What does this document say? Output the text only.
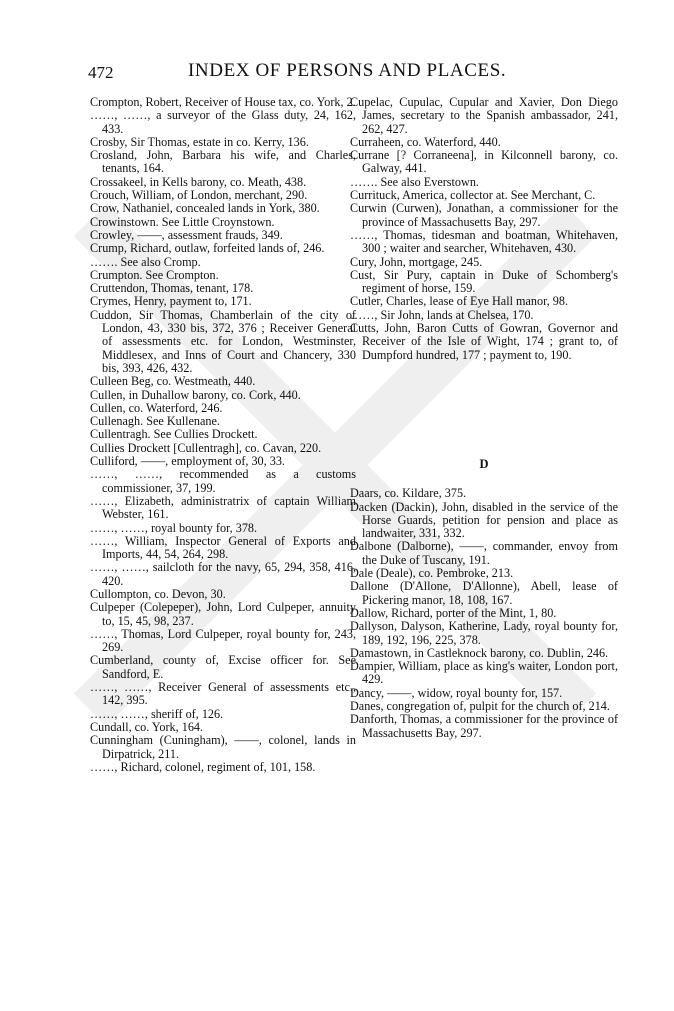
472	INDEX OF PERSONS AND PLACES.

Crompton, Robert, Receiver of House tax, co. York, 2.

……, ……, a surveyor of the Glass duty, 24, 162, 433.

Crosby, Sir Thomas, estate in co. Kerry, 136.

Crosland, John, Barbara his wife, and Charles, tenants, 164.

Crossakeel, in Kells barony, co. Meath, 438.

Crouch, William, of London, merchant, 290.

Crow, Nathaniel, concealed lands in York, 380.

Crowinstown. See Little Croynstown.

Crowley, ——, assessment frauds, 349.

Crump, Richard, outlaw, forfeited lands of, 246.

……. See also Cromp.

Crumpton. See Crompton.

Cruttendon, Thomas, tenant, 178.

Crymes, Henry, payment to, 171.

Cuddon, Sir Thomas, Chamberlain of the city of London, 43, 330 bis, 372, 376 ; Receiver General of assessments etc. for London, Westminster, Middlesex, and Inns of Court and Chancery, 330 bis, 393, 426, 432.

Culleen Beg, co. Westmeath, 440.

Cullen, in Duhallow barony, co. Cork, 440.

Cullen, co. Waterford, 246.

Cullenagh. See Kullenane.

Cullentragh. See Cullies Drockett.

Cullies Drockett [Cullentragh], co. Cavan, 220.

Culliford, ——, employment of, 30, 33.

……, ……, recommended as a customs commissioner, 37, 199.

……, Elizabeth, administratrix of captain William Webster, 161.

……, ……, royal bounty for, 378.

……, William, Inspector General of Exports and Imports, 44, 54, 264, 298.

……, ……, sailcloth for the navy, 65, 294, 358, 416, 420.

Cullompton, co. Devon, 30.

Culpeper (Colepeper), John, Lord Culpeper, annuity to, 15, 45, 98, 237.

……, Thomas, Lord Culpeper, royal bounty for, 243, 269.

Cumberland, county of, Excise officer for. See Sandford, E.

……, ……, Receiver General of assessments etc., 142, 395.

……, ……, sheriff of, 126.

Cundall, co. York, 164.

Cunningham (Cuningham), ——, colonel, lands in Dirpatrick, 211.

……, Richard, colonel, regiment of, 101, 158.

Cupelac, Cupulac, Cupular and Xavier, Don Diego James, secretary to the Spanish ambassador, 241, 262, 427.

Curraheen, co. Waterford, 440.

Curranе [? Corraneena], in Kilconnell barony, co. Galway, 441.

……. See also Everstown.

Currituck, America, collector at. See Merchant, C.

Curwin (Curwen), Jonathan, a commissioner for the province of Massachusetts Bay, 297.

……, Thomas, tidesman and boatman, Whitehaven, 300 ; waiter and searcher, Whitehaven, 430.

Cury, John, mortgage, 245.

Cust, Sir Pury, captain in Duke of Schomberg's regiment of horse, 159.

Cutler, Charles, lease of Eye Hall manor, 98.

……, Sir John, lands at Chelsea, 170.

Cutts, John, Baron Cutts of Gowran, Governor and Receiver of the Isle of Wight, 174 ; grant to, of Dumpford hundred, 177 ; payment to, 190.

D

Daars, co. Kildare, 375.

Dacken (Dackin), John, disabled in the service of the Horse Guards, petition for pension and place as landwaiter, 331, 332.

Dalbone (Dalborne), ——, commander, envoy from the Duke of Tuscany, 191.

Dale (Deale), co. Pembroke, 213.

Dallone (D'Allone, D'Allonne), Abell, lease of Pickering manor, 18, 108, 167.

Dallow, Richard, porter of the Mint, 1, 80.

Dallyson, Dalyson, Katherine, Lady, royal bounty for, 189, 192, 196, 225, 378.

Damastown, in Castleknock barony, co. Dublin, 246.

Dampier, William, place as king's waiter, London port, 429.

Dancy, ——, widow, royal bounty for, 157.

Danes, congregation of, pulpit for the church of, 214.

Danforth, Thomas, a commissioner for the province of Massachusetts Bay, 297.
